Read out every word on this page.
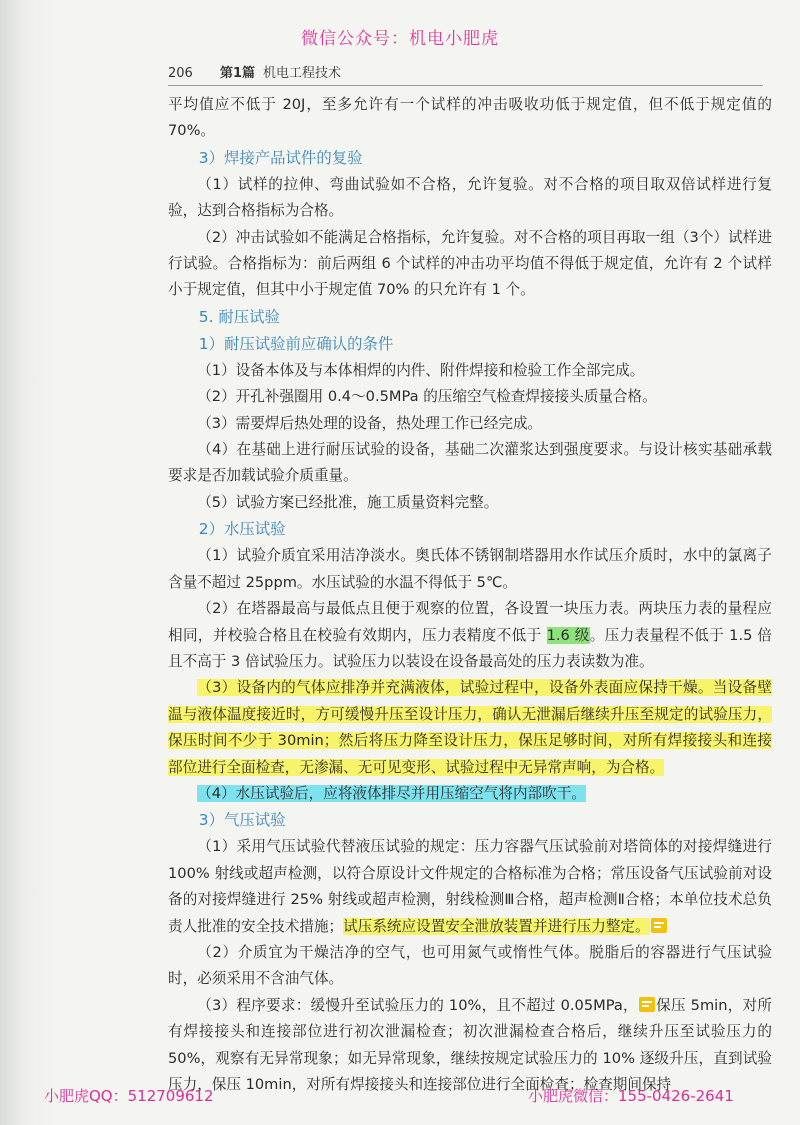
微信公众号：机电小肥虎
206 第1篇 机电工程技术

平均值应不低于 20J，至多允许有一个试样的冲击吸收功低于规定值，但不低于规定值的 70%。

3）焊接产品试件的复验

（1）试样的拉伸、弯曲试验如不合格，允许复验。对不合格的项目取双倍试样进行复验，达到合格指标为合格。

（2）冲击试验如不能满足合格指标，允许复验。对不合格的项目再取一组（3个）试样进行试验。合格指标为：前后两组 6 个试样的冲击功平均值不得低于规定值，允许有 2 个试样小于规定值，但其中小于规定值 70% 的只允许有 1 个。

5. 耐压试验
1）耐压试验前应确认的条件

（1）设备本体及与本体相焊的内件、附件焊接和检验工作全部完成。

（2）开孔补强圈用 0.4～0.5MPa 的压缩空气检查焊接接头质量合格。

（3）需要焊后热处理的设备，热处理工作已经完成。

（4）在基础上进行耐压试验的设备，基础二次灌浆达到强度要求。与设计核实基础承载要求是否加载试验介质重量。

（5）试验方案已经批准，施工质量资料完整。

2）水压试验

（1）试验介质宜采用洁净淡水。奥氏体不锈钢制塔器用水作试压介质时，水中的氯离子含量不超过 25ppm。水压试验的水温不得低于 5℃。

（2）在塔器最高与最低点且便于观察的位置，各设置一块压力表。两块压力表的量程应相同，并校验合格且在校验有效期内，压力表精度不低于 1.6 级。压力表量程不低于 1.5 倍且不高于 3 倍试验压力。试验压力以装设在设备最高处的压力表读数为准。

（3）设备内的气体应排净并充满液体，试验过程中，设备外表面应保持干燥。当设备壁温与液体温度接近时，方可缓慢升压至设计压力，确认无泄漏后继续升压至规定的试验压力，保压时间不少于 30min；然后将压力降至设计压力，保压足够时间，对所有焊接接头和连接部位进行全面检查，无渗漏、无可见变形、试验过程中无异常声响，为合格。

（4）水压试验后，应将液体排尽并用压缩空气将内部吹干。

3）气压试验

（1）采用气压试验代替液压试验的规定：压力容器气压试验前对塔筒体的对接焊缝进行 100% 射线或超声检测，以符合原设计文件规定的合格标准为合格；常压设备气压试验前对设备的对接焊缝进行 25% 射线或超声检测，射线检测Ⅲ合格，超声检测Ⅱ合格；本单位技术总负责人批准的安全技术措施；试压系统应设置安全泄放装置并进行压力整定。

（2）介质宜为干燥洁净的空气，也可用氮气或惰性气体。脱脂后的容器进行气压试验时，必须采用不含油气体。

（3）程序要求：缓慢升至试验压力的 10%，且不超过 0.05MPa， 保压 5min，对所有焊接接头和连接部位进行初次泄漏检查；初次泄漏检查合格后，继续升压至试验压力的 50%，观察有无异常现象；如无异常现象，继续按规定试验压力的 10% 逐级升压，直到试验压力，保压 10min，对所有焊接接头和连接部位进行全面检查；检查期间保持

小肥虎QQ：512709612	小肥虎微信：155-0426-2641
